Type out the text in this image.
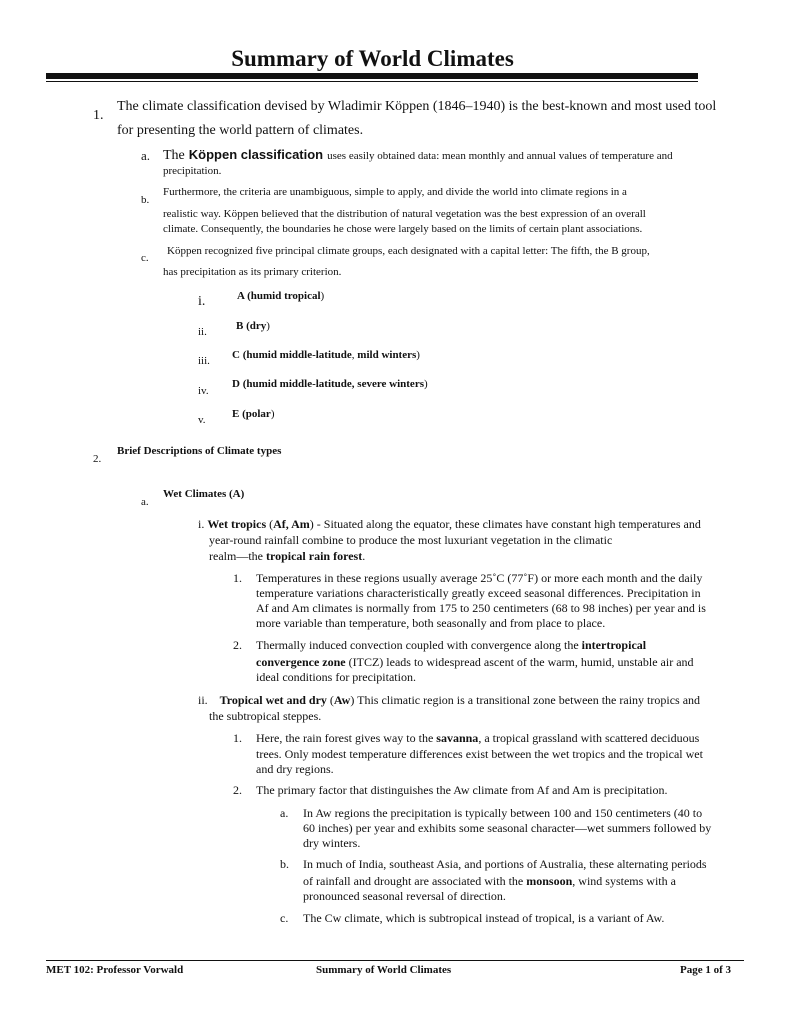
Summary of World Climates
1.
The climate classification devised by Wladimir Köppen (1846–1940) is the best-known and most used tool
for presenting the world pattern of climates.
a. The Köppen classification uses easily obtained data: mean monthly and annual values of temperature and
precipitation.
b.
Furthermore, the criteria are unambiguous, simple to apply, and divide the world into climate regions in a
realistic way. Köppen believed that the distribution of natural vegetation was the best expression of an overall
climate. Consequently, the boundaries he chose were largely based on the limits of certain plant associations.
c.
Köppen recognized five principal climate groups, each designated with a capital letter: The fifth, the B group,
has precipitation as its primary criterion.
i.	A (humid tropical)
ii.	B (dry)
iii. C (humid middle-latitude, mild winters)
iv.
D (humid middle-latitude, severe winters)
v. E (polar)
2.
Brief Descriptions of Climate types
a.
Wet Climates (A)
i. Wet tropics (Af, Am) - Situated along the equator, these climates have constant high temperatures and
year-round rainfall combine to produce the most luxuriant vegetation in the climatic
realm—the tropical rain forest.
1. Temperatures in these regions usually average 25˚C (77˚F) or more each month and the daily
temperature variations characteristically greatly exceed seasonal differences. Precipitation in
Af and Am climates is normally from 175 to 250 centimeters (68 to 98 inches) per year and is
more variable than temperature, both seasonally and from place to place.
2. Thermally induced convection coupled with convergence along the intertropical
convergence zone (ITCZ) leads to widespread ascent of the warm, humid, unstable air and
ideal conditions for precipitation.
ii. Tropical wet and dry (Aw) This climatic region is a transitional zone between the rainy tropics and
the subtropical steppes.
1. Here, the rain forest gives way to the savanna, a tropical grassland with scattered deciduous
trees. Only modest temperature differences exist between the wet tropics and the tropical wet
and dry regions.
2. The primary factor that distinguishes the Aw climate from Af and Am is precipitation.
a. In Aw regions the precipitation is typically between 100 and 150 centimeters (40 to
60 inches) per year and exhibits some seasonal character—wet summers followed by
dry winters.
b. In much of India, southeast Asia, and portions of Australia, these alternating periods
of rainfall and drought are associated with the monsoon, wind systems with a
pronounced seasonal reversal of direction.
c. The Cw climate, which is subtropical instead of tropical, is a variant of Aw.
MET 102: Professor Vorwald	Summary of World Climates	Page 1 of 3
